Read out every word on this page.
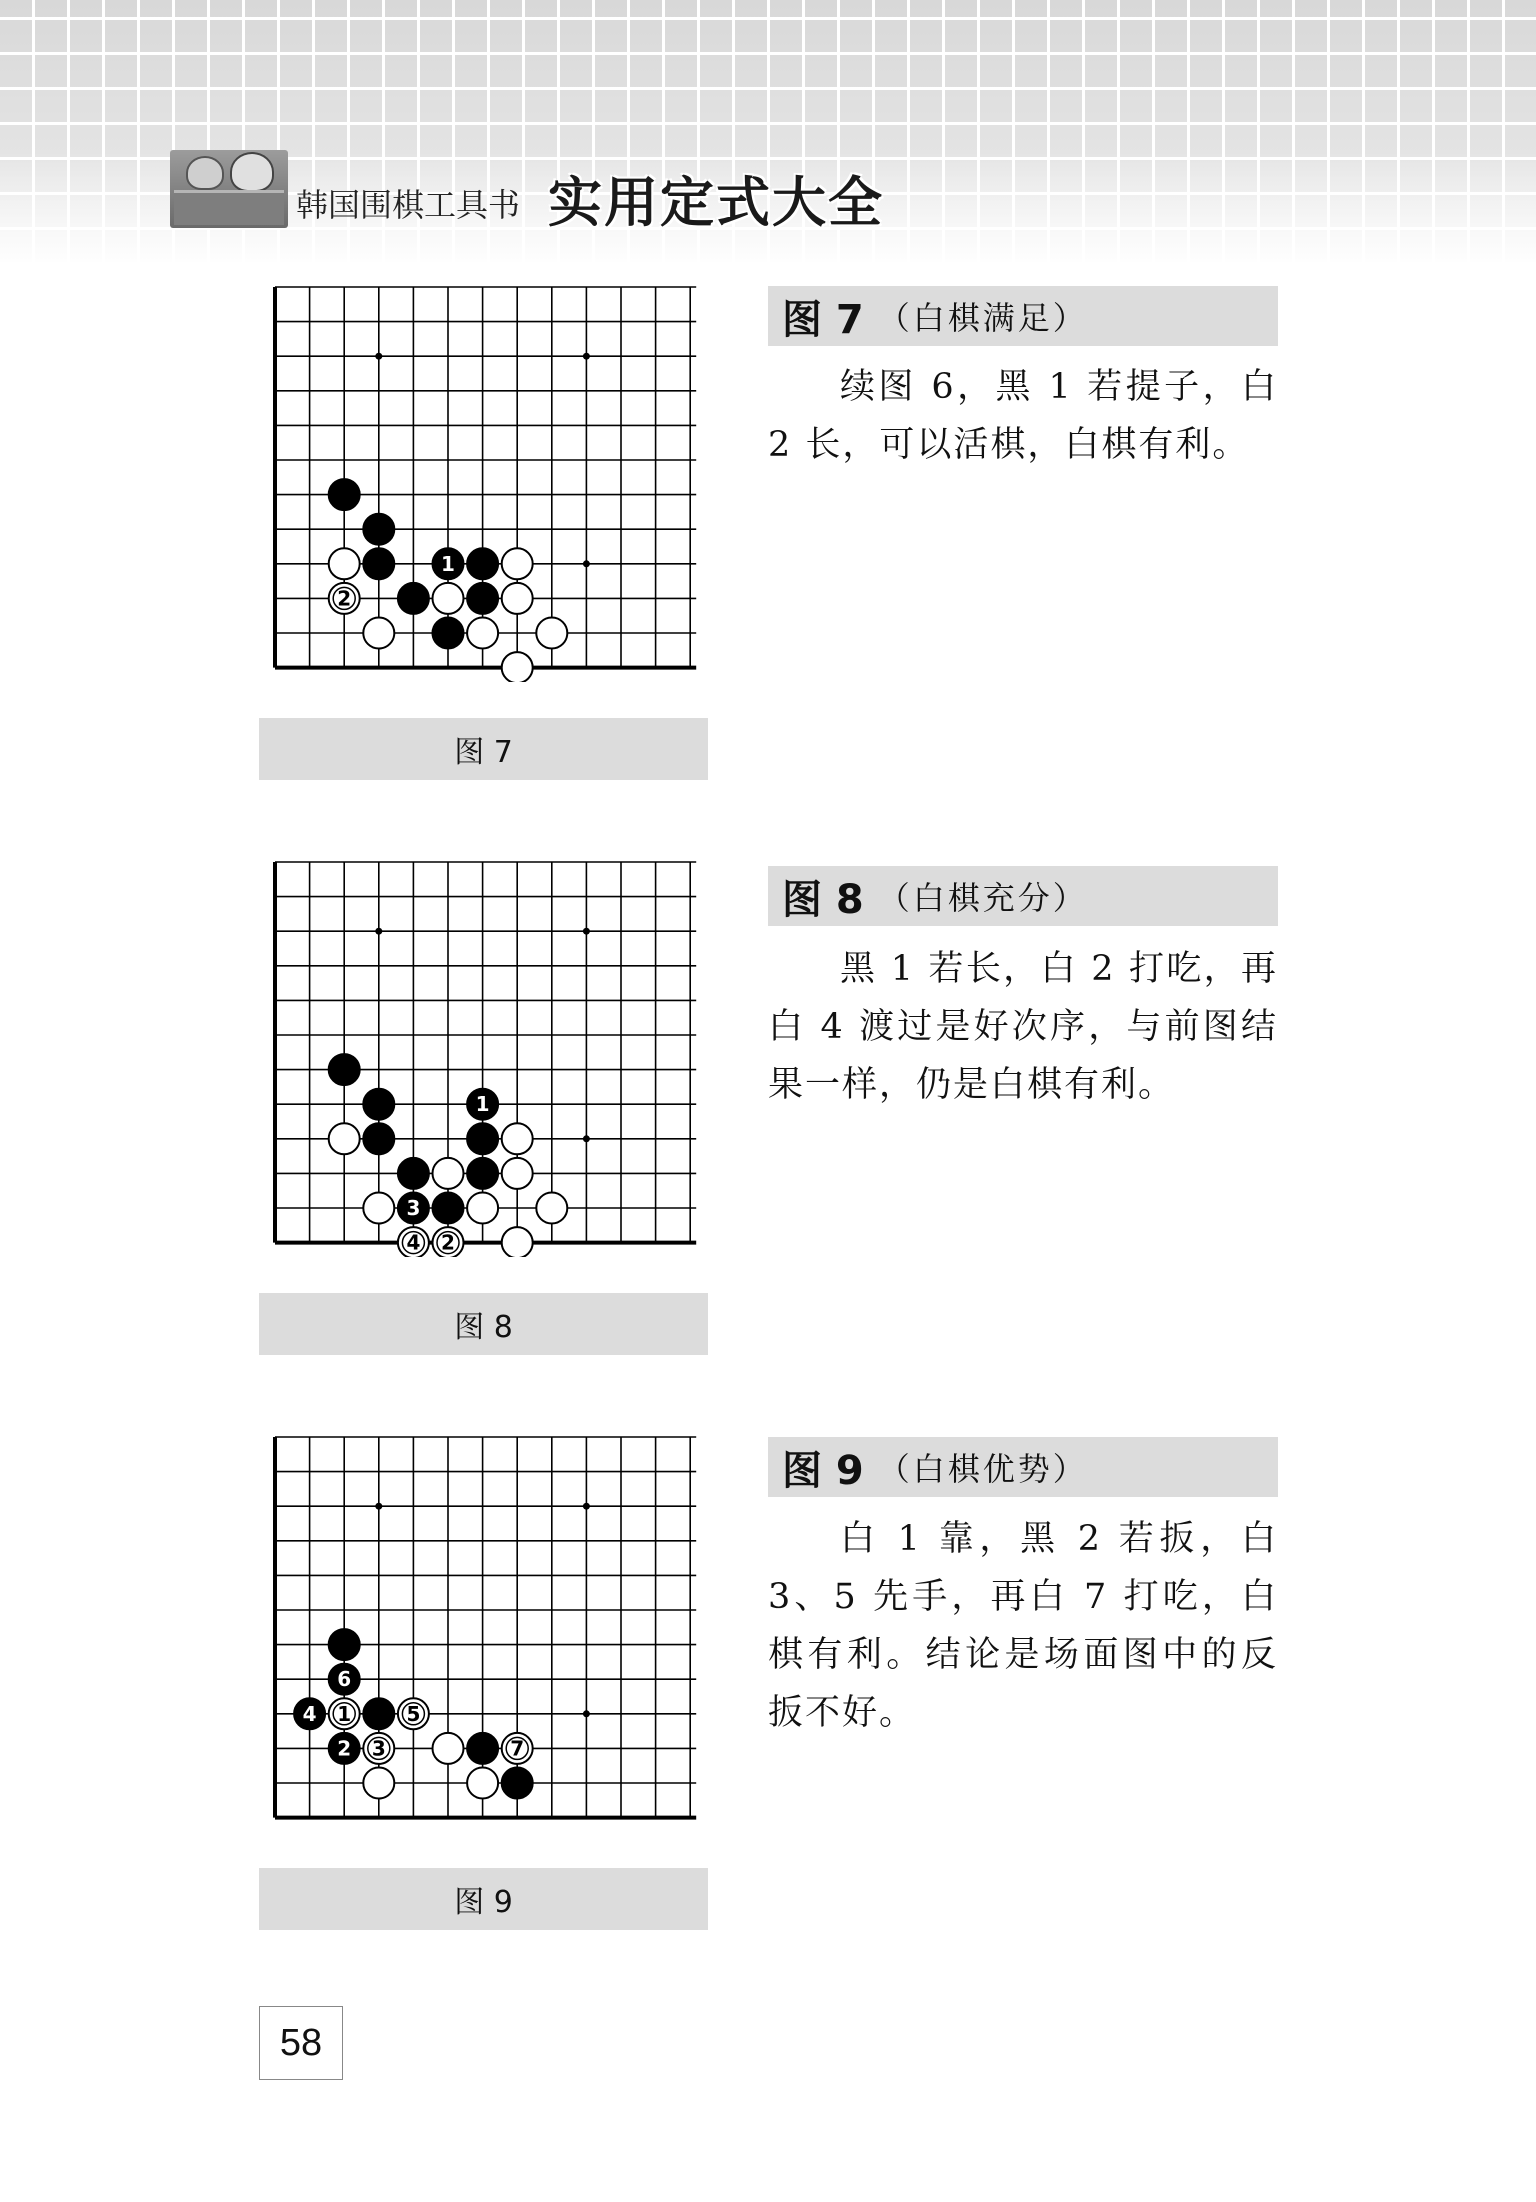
韩国围棋工具书 实用定式大全
1
2
图 7
图 7 （白棋满足）
续图 6，黑 1 若提子，白 2 长，可以活棋，白棋有利。
1
3
4 2
图 8
图 8 （白棋充分）
黑 1 若长，白 2 打吃，再白 4 渡过是好次序，与前图结果一样，仍是白棋有利。
6
4 1	5
2 3	7
图 9
图 9 （白棋优势）
白 1 靠，黑 2 若扳，白 3、5 先手，再白 7 打吃，白棋有利。结论是场面图中的反扳不好。
58
